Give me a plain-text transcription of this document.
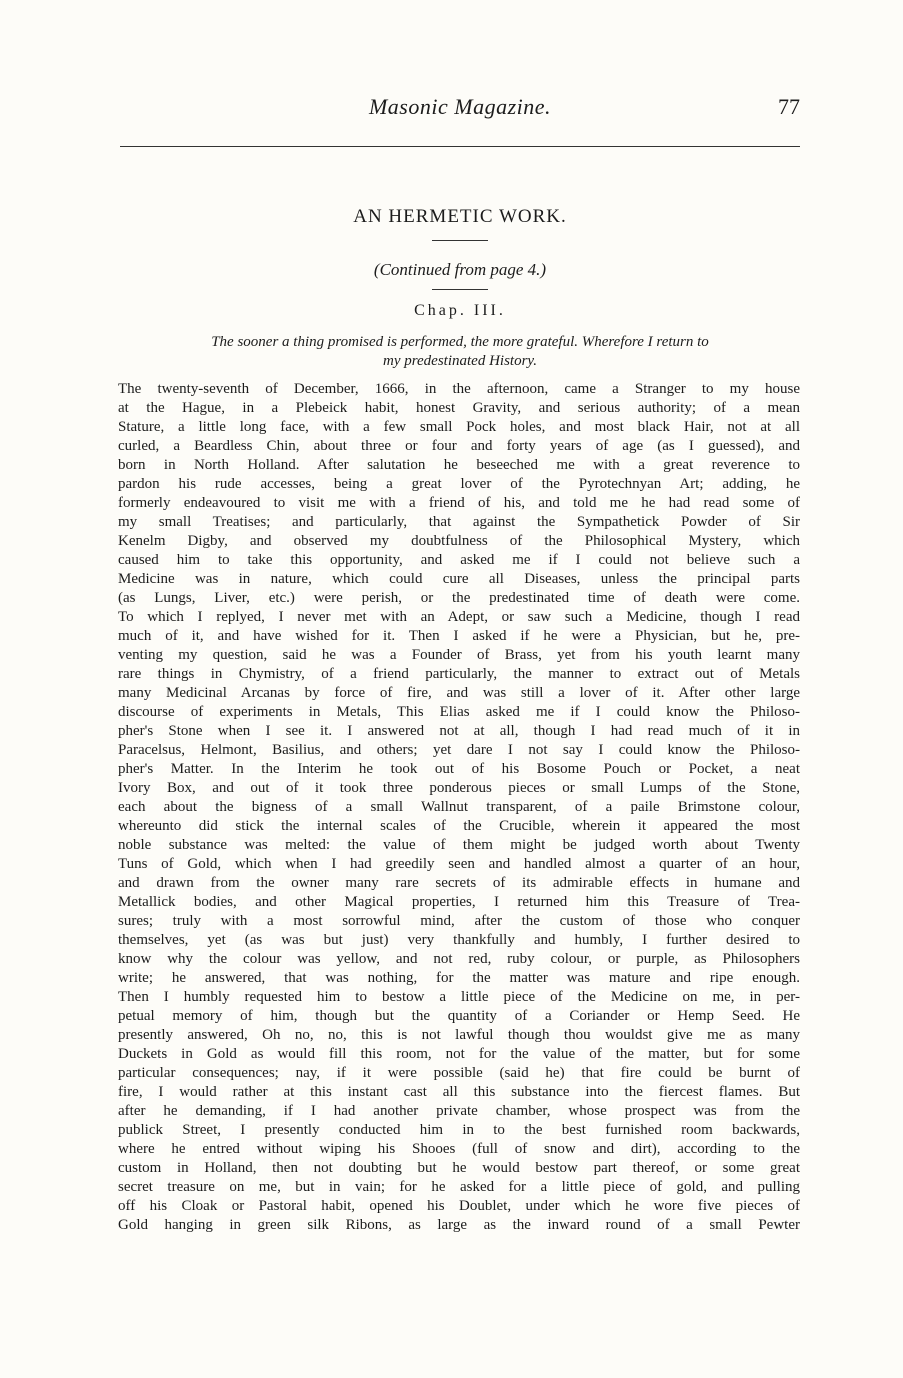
Masonic Magazine.	77
AN HERMETIC WORK.
(Continued from page 4.)
Chap. III.
The sooner a thing promised is performed, the more grateful. Wherefore I return to
my predestinated History.
The twenty-seventh of December, 1666, in the afternoon, came a Stranger to my house
at the Hague, in a Plebeick habit, honest Gravity, and serious authority; of a mean
Stature, a little long face, with a few small Pock holes, and most black Hair, not at all
curled, a Beardless Chin, about three or four and forty years of age (as I guessed), and
born in North Holland. After salutation he beseeched me with a great reverence to
pardon his rude accesses, being a great lover of the Pyrotechnyan Art; adding, he
formerly endeavoured to visit me with a friend of his, and told me he had read some of
my small Treatises; and particularly, that against the Sympathetick Powder of Sir
Kenelm Digby, and observed my doubtfulness of the Philosophical Mystery, which
caused him to take this opportunity, and asked me if I could not believe such a
Medicine was in nature, which could cure all Diseases, unless the principal parts
(as Lungs, Liver, etc.) were perish, or the predestinated time of death were come.
To which I replyed, I never met with an Adept, or saw such a Medicine, though I read
much of it, and have wished for it. Then I asked if he were a Physician, but he, pre-
venting my question, said he was a Founder of Brass, yet from his youth learnt many
rare things in Chymistry, of a friend particularly, the manner to extract out of Metals
many Medicinal Arcanas by force of fire, and was still a lover of it. After other large
discourse of experiments in Metals, This Elias asked me if I could know the Philoso-
pher's Stone when I see it. I answered not at all, though I had read much of it in
Paracelsus, Helmont, Basilius, and others; yet dare I not say I could know the Philoso-
pher's Matter. In the Interim he took out of his Bosome Pouch or Pocket, a neat
Ivory Box, and out of it took three ponderous pieces or small Lumps of the Stone,
each about the bigness of a small Wallnut transparent, of a paile Brimstone colour,
whereunto did stick the internal scales of the Crucible, wherein it appeared the most
noble substance was melted: the value of them might be judged worth about Twenty
Tuns of Gold, which when I had greedily seen and handled almost a quarter of an hour,
and drawn from the owner many rare secrets of its admirable effects in humane and
Metallick bodies, and other Magical properties, I returned him this Treasure of Trea-
sures; truly with a most sorrowful mind, after the custom of those who conquer
themselves, yet (as was but just) very thankfully and humbly, I further desired to
know why the colour was yellow, and not red, ruby colour, or purple, as Philosophers
write; he answered, that was nothing, for the matter was mature and ripe enough.
Then I humbly requested him to bestow a little piece of the Medicine on me, in per-
petual memory of him, though but the quantity of a Coriander or Hemp Seed. He
presently answered, Oh no, no, this is not lawful though thou wouldst give me as many
Duckets in Gold as would fill this room, not for the value of the matter, but for some
particular consequences; nay, if it were possible (said he) that fire could be burnt of
fire, I would rather at this instant cast all this substance into the fiercest flames. But
after he demanding, if I had another private chamber, whose prospect was from the
publick Street, I presently conducted him in to the best furnished room backwards,
where he entred without wiping his Shooes (full of snow and dirt), according to the
custom in Holland, then not doubting but he would bestow part thereof, or some great
secret treasure on me, but in vain; for he asked for a little piece of gold, and pulling
off his Cloak or Pastoral habit, opened his Doublet, under which he wore five pieces of
Gold hanging in green silk Ribons, as large as the inward round of a small Pewter
